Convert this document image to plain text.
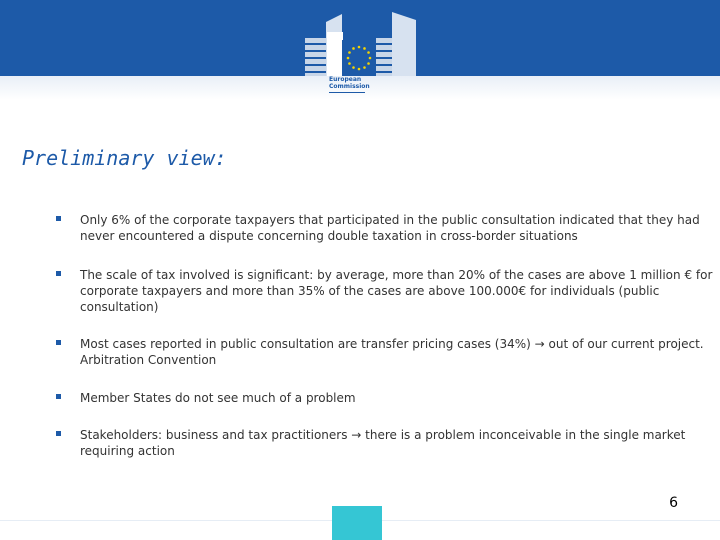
European
Commission
Preliminary view:
Only 6% of the corporate taxpayers that participated in the public consultation indicated that they had never encountered a dispute concerning double taxation in cross-border situations
The scale of tax involved is significant: by average, more than 20% of the cases are above 1 million € for corporate taxpayers and more than 35% of the cases are above 100.000€ for individuals (public consultation)
Most cases reported in public consultation are transfer pricing cases (34%) → out of our current project. Arbitration Convention
Member States do not see much of a problem
Stakeholders: business and tax practitioners → there is a problem inconceivable in the single market requiring action
6
